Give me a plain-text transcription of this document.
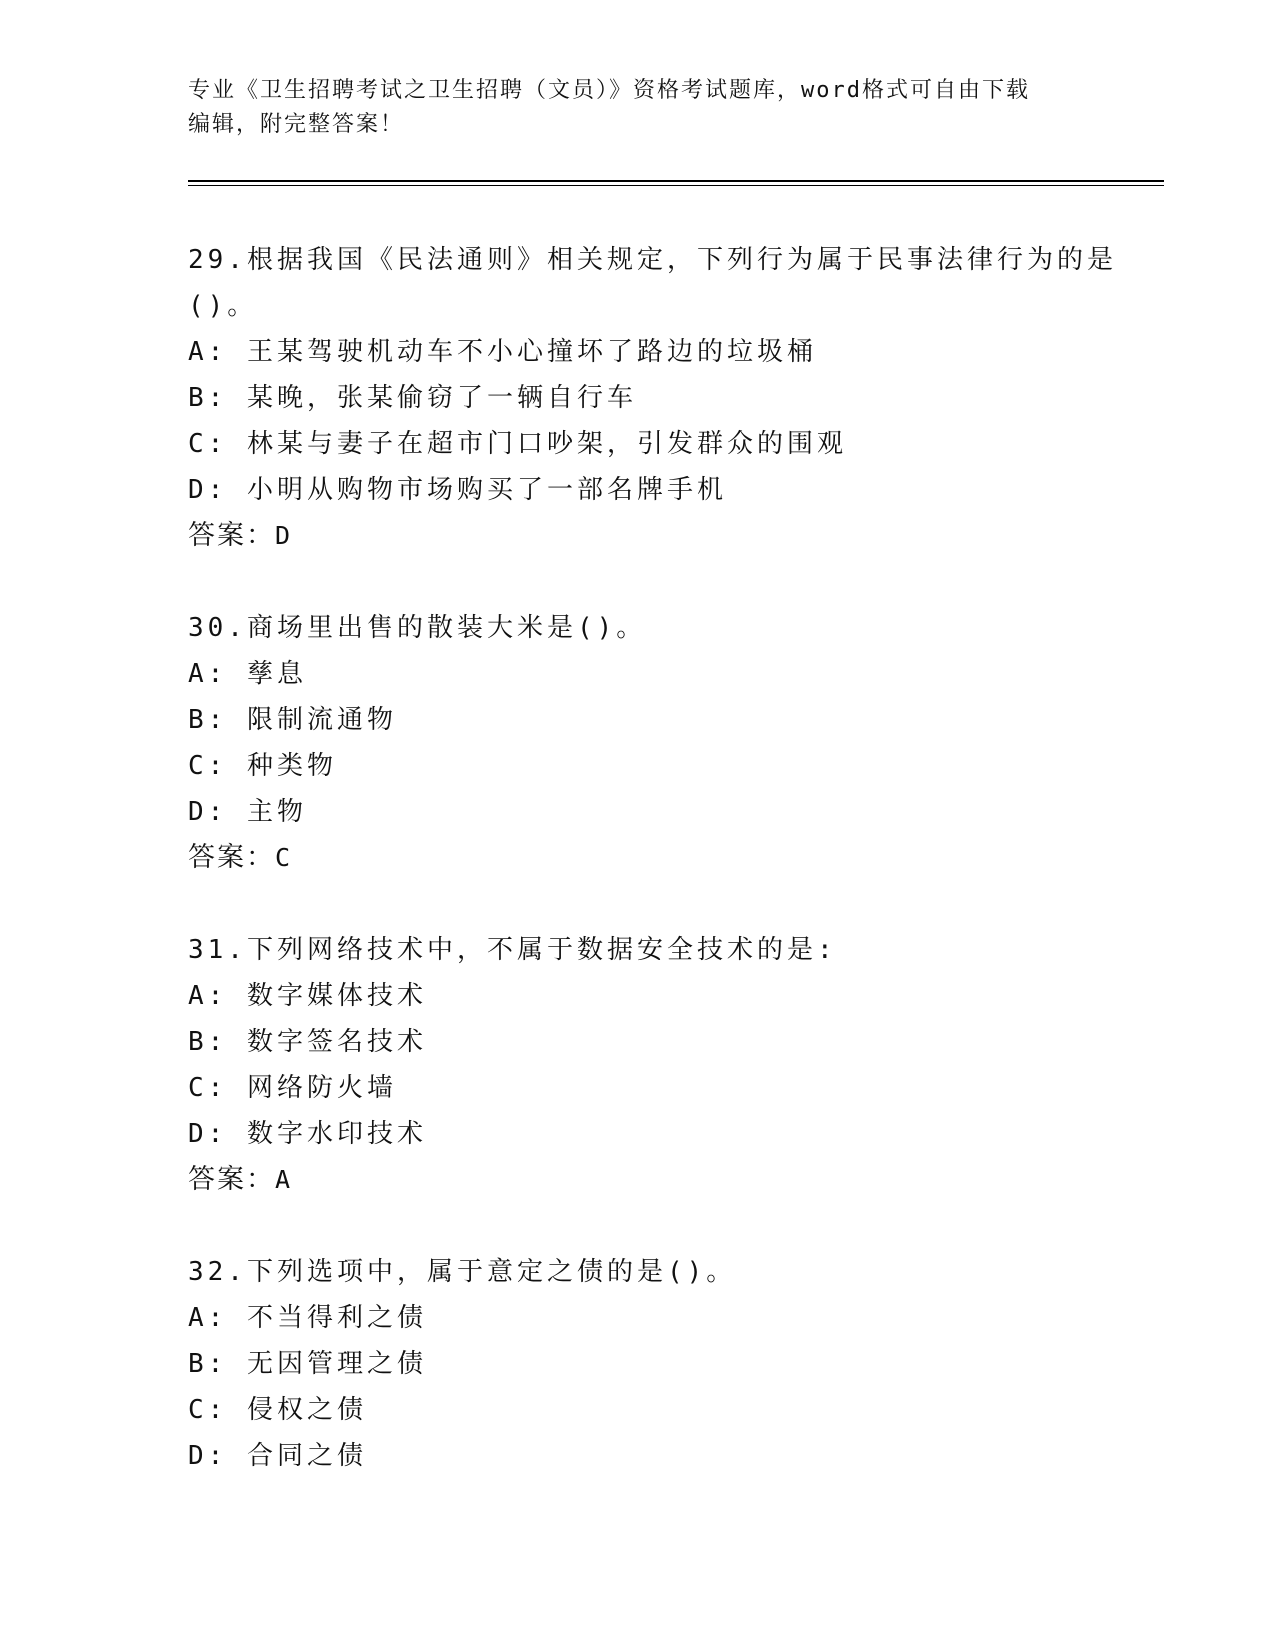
专业《卫生招聘考试之卫生招聘（文员）》资格考试题库，word格式可自由下载
编辑，附完整答案！
29.根据我国《民法通则》相关规定，下列行为属于民事法律行为的是()。
A: 王某驾驶机动车不小心撞坏了路边的垃圾桶
B: 某晚，张某偷窃了一辆自行车
C: 林某与妻子在超市门口吵架，引发群众的围观
D: 小明从购物市场购买了一部名牌手机
答案：D
30.商场里出售的散装大米是()。
A: 孳息
B: 限制流通物
C: 种类物
D: 主物
答案：C
31.下列网络技术中，不属于数据安全技术的是:
A: 数字媒体技术
B: 数字签名技术
C: 网络防火墙
D: 数字水印技术
答案：A
32.下列选项中，属于意定之债的是()。
A: 不当得利之债
B: 无因管理之债
C: 侵权之债
D: 合同之债
